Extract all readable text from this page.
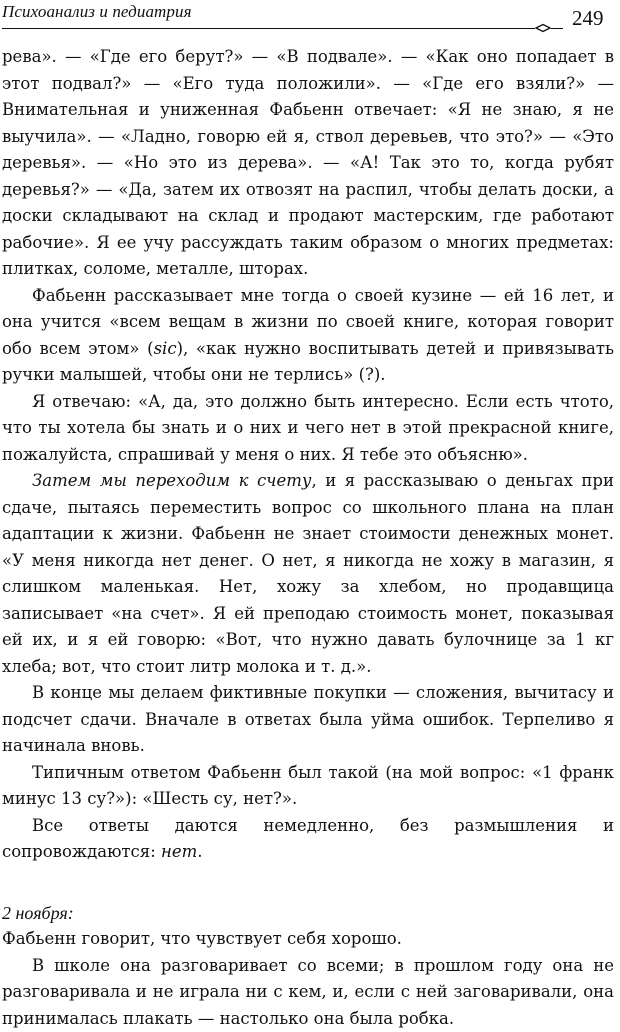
Психоанализ и педиатрия	249

рева». — «Где его берут?» — «В подвале». — «Как оно попадает в этот подвал?» — «Его туда положили». — «Где его взяли?» — Внимательная и униженная Фабьенн отвечает: «Я не знаю, я не выучила». — «Ладно, говорю ей я, ствол деревьев, что это?» — «Это деревья». — «Но это из дерева». — «А! Так это то, когда рубят деревья?» — «Да, затем их отвозят на распил, чтобы делать доски, а доски складывают на склад и продают мастерским, где работают рабочие». Я ее учу рассуждать таким образом о многих предметах: плитках, соломе, металле, шторах.

Фабьенн рассказывает мне тогда о своей кузине — ей 16 лет, и она учится «всем вещам в жизни по своей книге, которая говорит обо всем этом» (sic), «как нужно воспитывать детей и привязывать ручки малышей, чтобы они не терлись» (?).

Я отвечаю: «А, да, это должно быть интересно. Если есть чтото, что ты хотела бы знать и о них и чего нет в этой прекрасной книге, пожалуйста, спрашивай у меня о них. Я тебе это объясню».

Затем мы переходим к счету, и я рассказываю о деньгах при сдаче, пытаясь переместить вопрос со школьного плана на план адаптации к жизни. Фабьенн не знает стоимости денежных монет. «У меня никогда нет денег. О нет, я никогда не хожу в магазин, я слишком маленькая. Нет, хожу за хлебом, но продавщица записывает «на счет». Я ей преподаю стоимость монет, показывая ей их, и я ей говорю: «Вот, что нужно давать булочнице за 1 кг хлеба; вот, что стоит литр молока и т. д.».

В конце мы делаем фиктивные покупки — сложения, вычитасу и подсчет сдачи. Вначале в ответах была уйма ошибок. Терпеливо я начинала вновь.

Типичным ответом Фабьенн был такой (на мой вопрос: «1 франк минус 13 су?»): «Шесть су, нет?».

Все ответы даются немедленно, без размышления и сопровождаются: нет.

2 ноября:

Фабьенн говорит, что чувствует себя хорошо.

В школе она разговаривает со всеми; в прошлом году она не разговаривала и не играла ни с кем, и, если с ней заговаривали, она принималась плакать — настолько она была робка.
